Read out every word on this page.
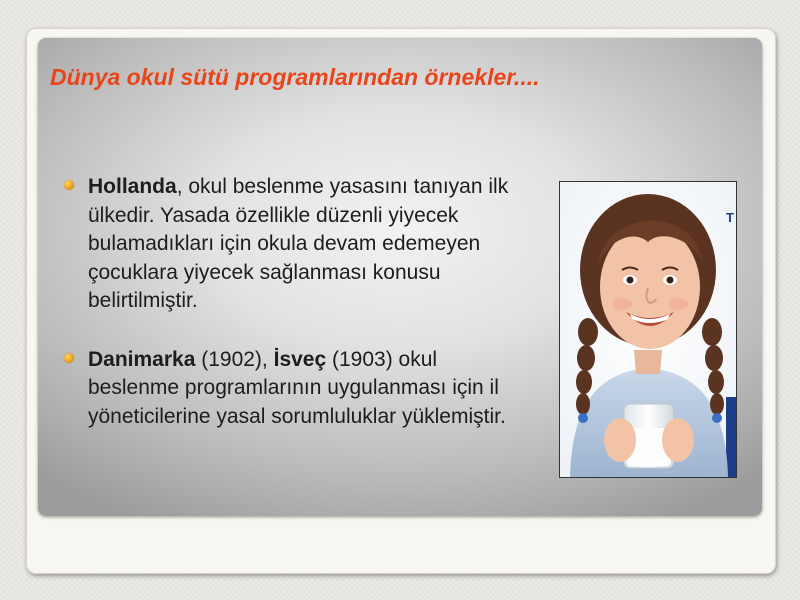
Dünya okul sütü programlarından örnekler....
Hollanda, okul beslenme yasasını tanıyan ilk ülkedir. Yasada özellikle düzenli yiyecek bulamadıkları için okula devam edemeyen çocuklara yiyecek sağlanması konusu belirtilmiştir.
Danimarka (1902), İsveç (1903) okul beslenme programlarının uygulanması için il yöneticilerine yasal sorumluluklar yüklemiştir.
T
